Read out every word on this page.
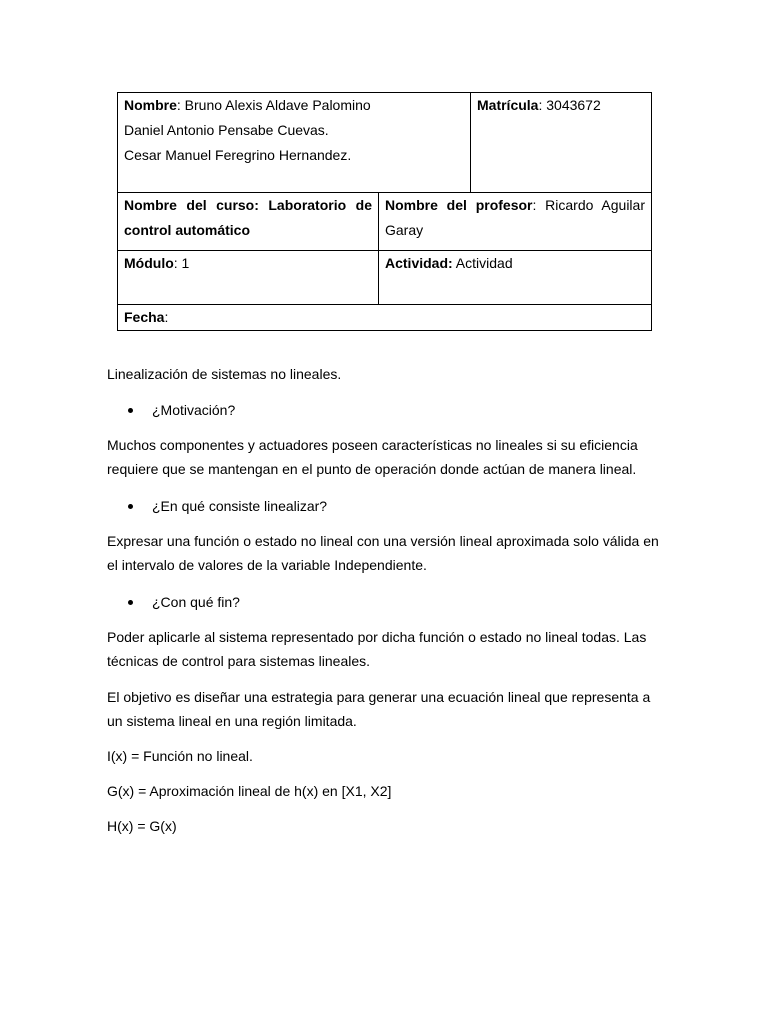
Nombre: Bruno Alexis Aldave Palomino
Daniel Antonio Pensabe Cuevas.
Cesar Manuel Feregrino Hernandez.		Matrícula: 3043672
Nombre del curso: Laboratorio de control automático	Nombre del profesor: Ricardo Aguilar Garay	
Módulo: 1	Actividad: Actividad	
Fecha:		

Linealización de sistemas no lineales.

¿Motivación?

Muchos componentes y actuadores poseen características no lineales si su eficiencia requiere que se mantengan en el punto de operación donde actúan de manera lineal.

¿En qué consiste linealizar?

Expresar una función o estado no lineal con una versión lineal aproximada solo válida en el intervalo de valores de la variable Independiente.

¿Con qué fin?

Poder aplicarle al sistema representado por dicha función o estado no lineal todas. Las técnicas de control para sistemas lineales.

El objetivo es diseñar una estrategia para generar una ecuación lineal que representa a un sistema lineal en una región limitada.

I(x) = Función no lineal.

G(x) = Aproximación lineal de h(x) en [X1, X2]

H(x) = G(x)
